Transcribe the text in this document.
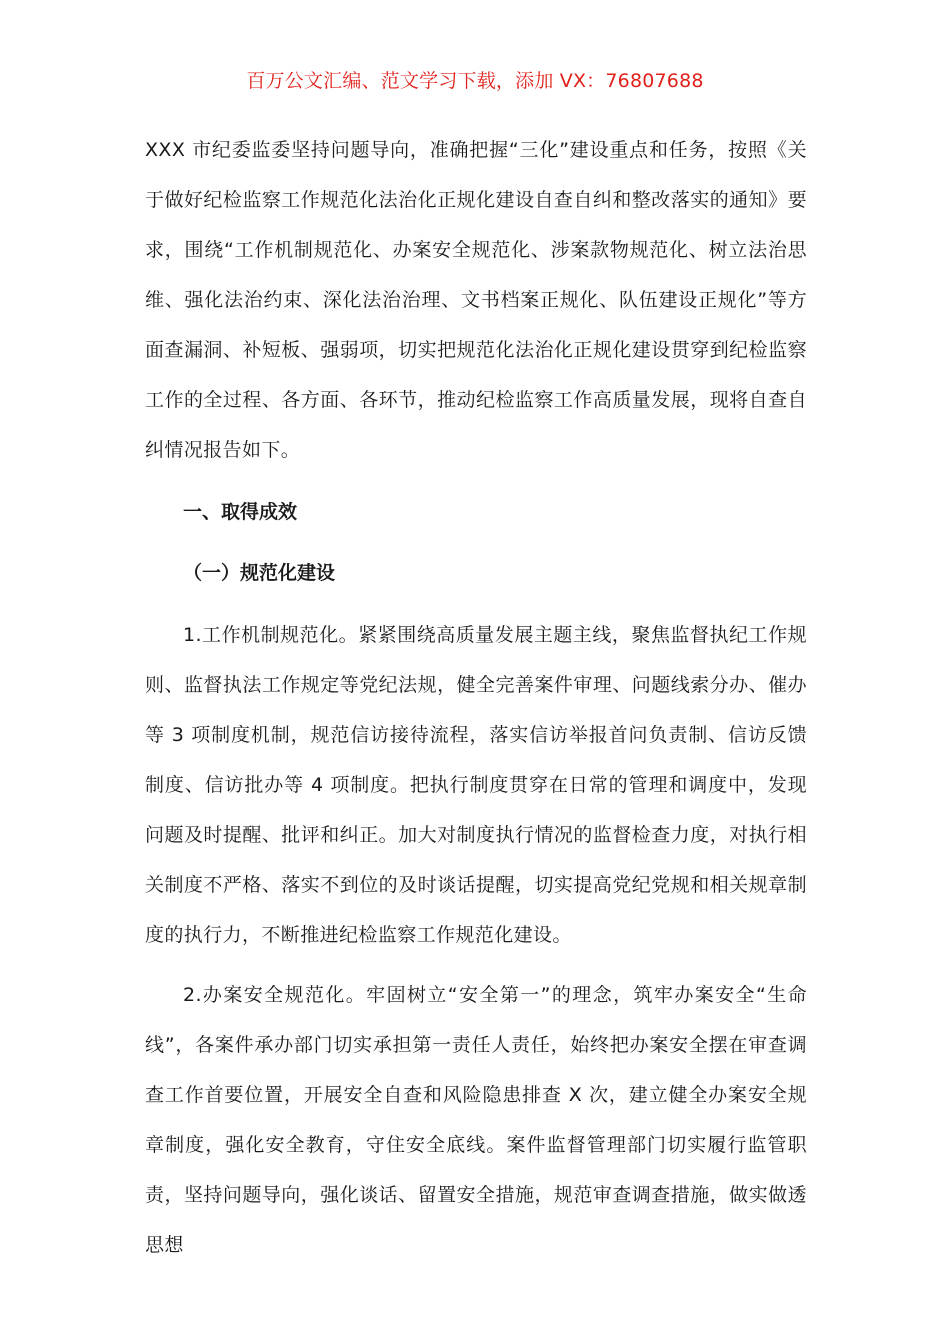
百万公文汇编、范文学习下载，添加 VX：76807688

XXX 市纪委监委坚持问题导向，准确把握“三化”建设重点和任务，按照《关于做好纪检监察工作规范化法治化正规化建设自查自纠和整改落实的通知》要求，围绕“工作机制规范化、办案安全规范化、涉案款物规范化、树立法治思维、强化法治约束、深化法治治理、文书档案正规化、队伍建设正规化”等方面查漏洞、补短板、强弱项，切实把规范化法治化正规化建设贯穿到纪检监察工作的全过程、各方面、各环节，推动纪检监察工作高质量发展，现将自查自纠情况报告如下。

一、取得成效
（一）规范化建设

1.工作机制规范化。紧紧围绕高质量发展主题主线，聚焦监督执纪工作规则、监督执法工作规定等党纪法规，健全完善案件审理、问题线索分办、催办等 3 项制度机制，规范信访接待流程，落实信访举报首问负责制、信访反馈制度、信访批办等 4 项制度。把执行制度贯穿在日常的管理和调度中，发现问题及时提醒、批评和纠正。加大对制度执行情况的监督检查力度，对执行相关制度不严格、落实不到位的及时谈话提醒，切实提高党纪党规和相关规章制度的执行力，不断推进纪检监察工作规范化建设。

2.办案安全规范化。牢固树立“安全第一”的理念，筑牢办案安全“生命线”，各案件承办部门切实承担第一责任人责任，始终把办案安全摆在审查调查工作首要位置，开展安全自查和风险隐患排查 X 次，建立健全办案安全规章制度，强化安全教育，守住安全底线。案件监督管理部门切实履行监管职责，坚持问题导向，强化谈话、留置安全措施，规范审查调查措施，做实做透思想
